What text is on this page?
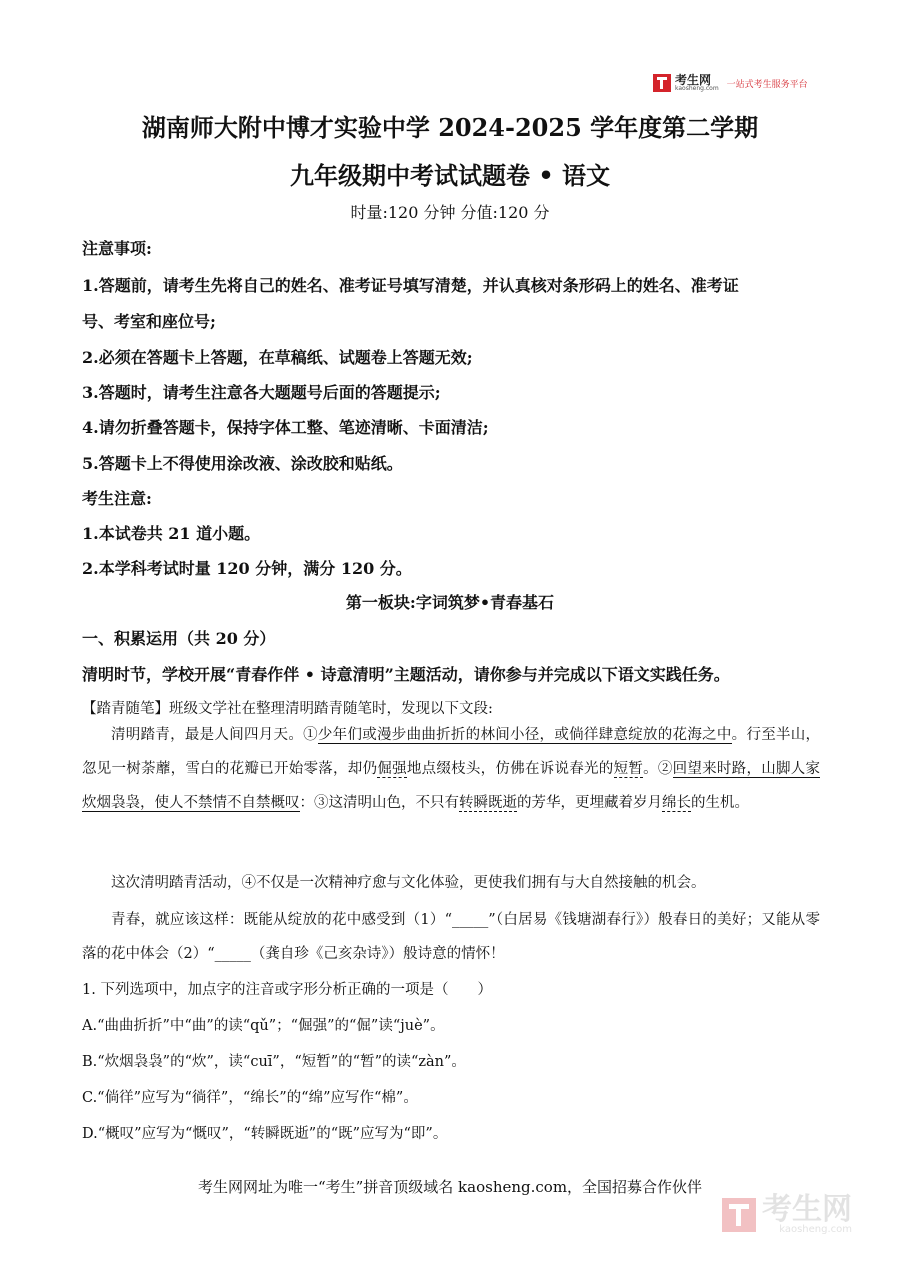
考生网
kaosheng.com 一站式考生服务平台
湖南师大附中博才实验中学 2024-2025 学年度第二学期
九年级期中考试试题卷 • 语文
时量:120 分钟 分值:120 分
注意事项:
1.答题前，请考生先将自己的姓名、准考证号填写清楚，并认真核对条形码上的姓名、准考证
号、考室和座位号;
2.必须在答题卡上答题，在草稿纸、试题卷上答题无效;
3.答题时，请考生注意各大题题号后面的答题提示;
4.请勿折叠答题卡，保持字体工整、笔迹清晰、卡面清洁;
5.答题卡上不得使用涂改液、涂改胶和贴纸。
考生注意:
1.本试卷共 21 道小题。
2.本学科考试时量 120 分钟，满分 120 分。
第一板块:字词筑梦•青春基石
一、积累运用（共 20 分）
清明时节，学校开展“青春作伴 • 诗意清明”主题活动，请你参与并完成以下语文实践任务。
【踏青随笔】班级文学社在整理清明踏青随笔时，发现以下文段:
清明踏青，最是人间四月天。①少年们或漫步曲曲折折的林间小径，或倘徉肆意绽放的花海之中。行至半山，忽见一树荼蘼，雪白的花瓣已开始零落，却仍倔强地点缀枝头，仿佛在诉说春光的短暂。②回望来时路，山脚人家炊烟袅袅，使人不禁情不自禁概叹：③这清明山色，不只有转瞬既逝的芳华，更埋藏着岁月绵长的生机。
这次清明踏青活动，④不仅是一次精神疗愈与文化体验，更使我们拥有与大自然接触的机会。
青春，就应该这样：既能从绽放的花中感受到（1）“_____”（白居易《钱塘湖春行》）般春日的美好；又能从零落的花中体会（2）“_____（龚自珍《己亥杂诗》）般诗意的情怀！
1. 下列选项中，加点字的注音或字形分析正确的一项是（　　）
A.“曲曲折折”中“曲”的读“qǔ”；“倔强”的“倔”读“juè”。
B.“炊烟袅袅”的“炊”，读“cuī”，“短暂”的“暂”的读“zàn”。
C.“倘徉”应写为“徜徉”，“绵长”的“绵”应写作“棉”。
D.“概叹”应写为“慨叹”，“转瞬既逝”的“既”应写为“即”。
考生网网址为唯一“考生”拼音顶级域名 kaosheng.com，全国招募合作伙伴
考生网
kaosheng.com
